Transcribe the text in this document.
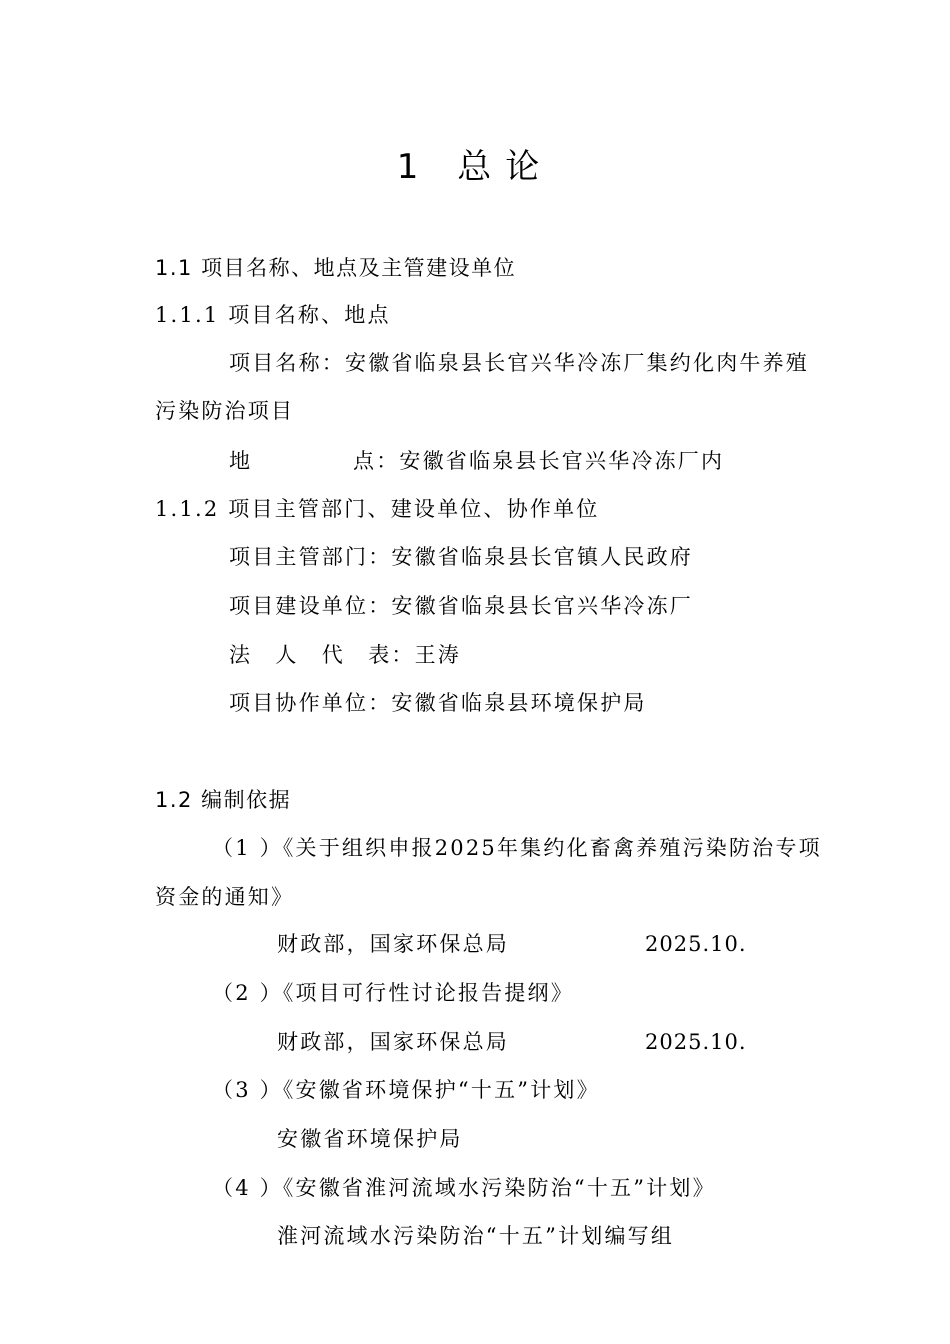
1 总论
1.1 项目名称、地点及主管建设单位
1.1.1 项目名称、地点
项目名称：安徽省临泉县长官兴华冷冻厂集约化肉牛养殖
污染防治项目
地	点：安徽省临泉县长官兴华冷冻厂内
1.1.2 项目主管部门、建设单位、协作单位
项目主管部门：安徽省临泉县长官镇人民政府
项目建设单位：安徽省临泉县长官兴华冷冻厂
法　人　代　表：王涛
项目协作单位：安徽省临泉县环境保护局
1.2 编制依据
（1 ）《关于组织申报2025年集约化畜禽养殖污染防治专项
资金的通知》
财政部，国家环保总局	2025.10.
（2 ）《项目可行性讨论报告提纲》
财政部，国家环保总局	2025.10.
（3 ）《安徽省环境保护“十五”计划》
安徽省环境保护局
（4 ）《安徽省淮河流域水污染防治“十五”计划》
淮河流域水污染防治“十五”计划编写组
